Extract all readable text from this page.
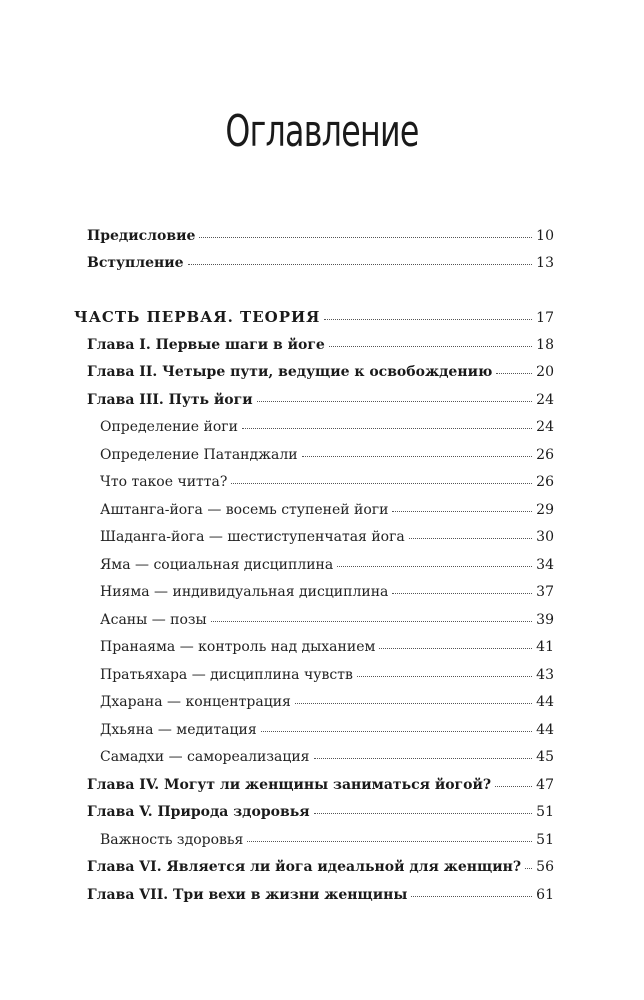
Оглавление
Предисловие	10
Вступление	13
ЧАСТЬ ПЕРВАЯ. ТЕОРИЯ	17
Глава I. Первые шаги в йоге	18
Глава II. Четыре пути, ведущие к освобождению	20
Глава III. Путь йоги	24
Определение йоги	24
Определение Патанджали	26
Что такое читта?	26
Аштанга-йога — восемь ступеней йоги	29
Шаданга-йога — шестиступенчатая йога	30
Яма — социальная дисциплина	34
Нияма — индивидуальная дисциплина	37
Асаны — позы	39
Пранаяма — контроль над дыханием	41
Пратьяхара — дисциплина чувств	43
Дхарана — концентрация	44
Дхьяна — медитация	44
Самадхи — самореализация	45
Глава IV. Могут ли женщины заниматься йогой?	47
Глава V. Природа здоровья	51
Важность здоровья	51
Глава VI. Является ли йога идеальной для женщин? 56
Глава VII. Три вехи в жизни женщины	61
